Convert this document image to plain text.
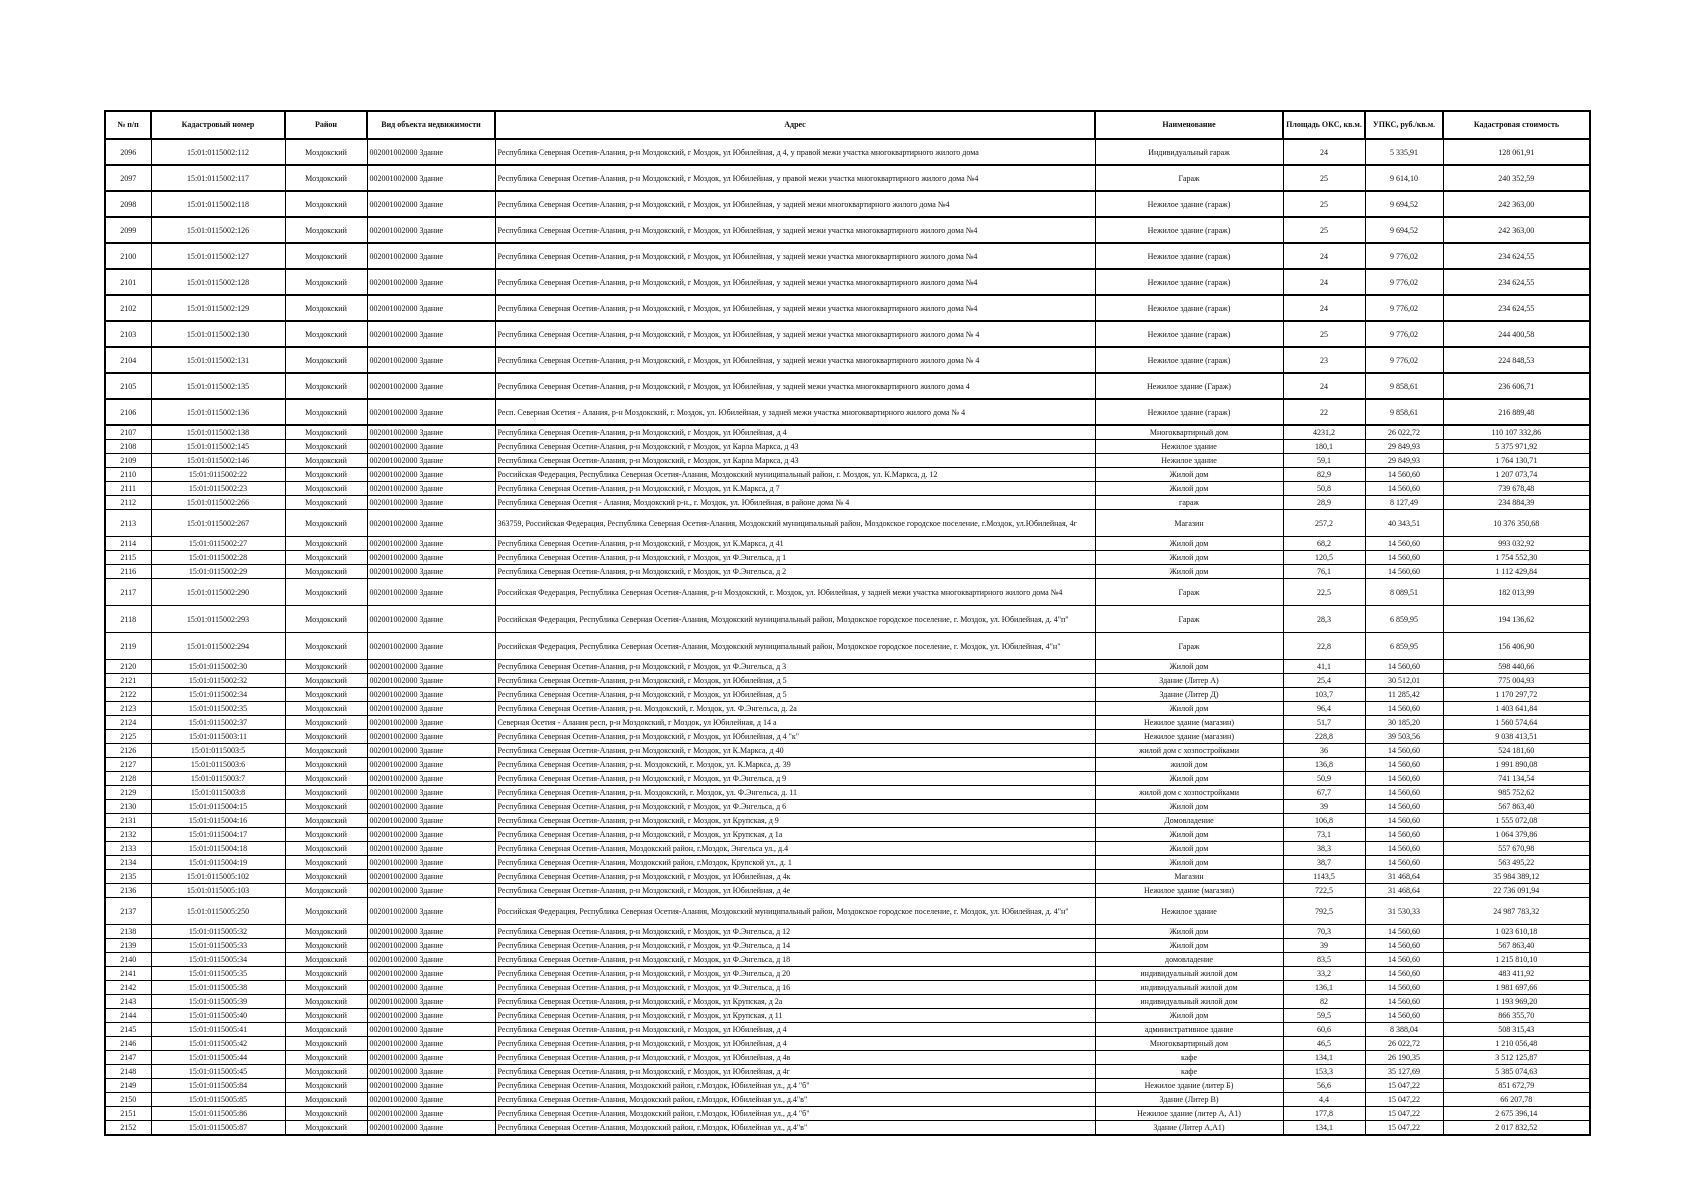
№ п/п	Кадастровый номер	Район	Вид объекта недвижимости	Адрес	Наименование	Площадь ОКС, кв.м.	УПКС, руб./кв.м.	Кадастровая стоимость
2096	15:01:0115002:112	Моздокский	002001002000 Здание	Республика Северная Осетия-Алания, р-н Моздокский, г Моздок, ул Юбилейная, д 4, у правой межи участка многоквартирного жилого дома	Индивидуальный гараж	24	5 335,91	128 061,91
2097	15:01:0115002:117	Моздокский	002001002000 Здание	Республика Северная Осетия-Алания, р-н Моздокский, г Моздок, ул Юбилейная, у правой межи участка многоквартирного жилого дома №4	Гараж	25	9 614,10	240 352,59
2098	15:01:0115002:118	Моздокский	002001002000 Здание	Республика Северная Осетия-Алания, р-н Моздокский, г Моздок, ул Юбилейная, у задней межи многоквартирного жилого дома №4	Нежилое здание (гараж)	25	9 694,52	242 363,00
2099	15:01:0115002:126	Моздокский	002001002000 Здание	Республика Северная Осетия-Алания, р-н Моздокский, г Моздок, ул Юбилейная, у задней межи участка многоквартирного жилого дома №4	Нежилое здание (гараж)	25	9 694,52	242 363,00
2100	15:01:0115002:127	Моздокский	002001002000 Здание	Республика Северная Осетия-Алания, р-н Моздокский, г Моздок, ул Юбилейная, у задней межи участка многоквартирного жилого дома №4	Нежилое здание (гараж)	24	9 776,02	234 624,55
2101	15:01:0115002:128	Моздокский	002001002000 Здание	Республика Северная Осетия-Алания, р-н Моздокский, г Моздок, ул Юбилейная, у задней межи участка многоквартирного жилого дома №4	Нежилое здание (гараж)	24	9 776,02	234 624,55
2102	15:01:0115002:129	Моздокский	002001002000 Здание	Республика Северная Осетия-Алания, р-н Моздокский, г Моздок, ул Юбилейная, у задней межи участка многоквартирного жилого дома №4	Нежилое здание (гараж)	24	9 776,02	234 624,55
2103	15:01:0115002:130	Моздокский	002001002000 Здание	Республика Северная Осетия-Алания, р-н Моздокский, г Моздок, ул Юбилейная, у задней межи участка многоквартирного жилого дома № 4	Нежилое здание (гараж)	25	9 776,02	244 400,58
2104	15:01:0115002:131	Моздокский	002001002000 Здание	Республика Северная Осетия-Алания, р-н Моздокский, г Моздок, ул Юбилейная, у задней межи участка многоквартирного жилого дома № 4	Нежилое здание (гараж)	23	9 776,02	224 848,53
2105	15:01:0115002:135	Моздокский	002001002000 Здание	Республика Северная Осетия-Алания, р-н Моздокский, г Моздок, ул Юбилейная, у задней межи участка многоквартирного жилого дома 4	Нежилое здание (Гараж)	24	9 858,61	236 606,71
2106	15:01:0115002:136	Моздокский	002001002000 Здание	Респ. Северная Осетия - Алания, р-н Моздокский, г. Моздок, ул. Юбилейная, у задней межи участка многоквартирного жилого дома № 4	Нежилое здание (гараж)	22	9 858,61	216 889,48
2107	15:01:0115002:138	Моздокский	002001002000 Здание	Республика Северная Осетия-Алания, р-н Моздокский, г Моздок, ул Юбилейная, д 4	Многоквартирный дом	4231,2	26 022,72	110 107 332,86
2108	15:01:0115002:145	Моздокский	002001002000 Здание	Республика Северная Осетия-Алания, р-н Моздокский, г Моздок, ул Карла Маркса, д 43	Нежилое здание	180,1	29 849,93	5 375 971,92
2109	15:01:0115002:146	Моздокский	002001002000 Здание	Республика Северная Осетия-Алания, р-н Моздокский, г Моздок, ул Карла Маркса, д 43	Нежилое здание	59,1	29 849,93	1 764 130,71
2110	15:01:0115002:22	Моздокский	002001002000 Здание	Российская Федерация, Республика Северная Осетия-Алания, Моздокский муниципальный район, г. Моздок, ул. К.Маркса, д. 12	Жилой дом	82,9	14 560,60	1 207 073,74
2111	15:01:0115002:23	Моздокский	002001002000 Здание	Республика Северная Осетия-Алания, р-н Моздокский, г Моздок, ул К.Маркса, д 7	Жилой дом	50,8	14 560,60	739 678,48
2112	15:01:0115002:266	Моздокский	002001002000 Здание	Республика Северная Осетия - Алания, Моздокский р-н., г. Моздок, ул. Юбилейная, в районе дома № 4	гараж	28,9	8 127,49	234 884,39
2113	15:01:0115002:267	Моздокский	002001002000 Здание	363759, Российская Федерация, Республика Северная Осетия-Алания, Моздокский муниципальный район, Моздокское городское поселение, г.Моздок, ул.Юбилейная, 4г	Магазин	257,2	40 343,51	10 376 350,68
2114	15:01:0115002:27	Моздокский	002001002000 Здание	Республика Северная Осетия-Алания, р-н Моздокский, г Моздок, ул К.Маркса, д 41	Жилой дом	68,2	14 560,60	993 032,92
2115	15:01:0115002:28	Моздокский	002001002000 Здание	Республика Северная Осетия-Алания, р-н Моздокский, г Моздок, ул Ф.Энгельса, д 1	Жилой дом	120,5	14 560,60	1 754 552,30
2116	15:01:0115002:29	Моздокский	002001002000 Здание	Республика Северная Осетия-Алания, р-н Моздокский, г Моздок, ул Ф.Энгельса, д 2	Жилой дом	76,1	14 560,60	1 112 429,84
2117	15:01:0115002:290	Моздокский	002001002000 Здание	Российская Федерация, Республика Северная Осетия-Алания, р-н Моздокский, г. Моздок, ул. Юбилейная, у задней межи участка многоквартирного жилого дома №4	Гараж	22,5	8 089,51	182 013,99
2118	15:01:0115002:293	Моздокский	002001002000 Здание	Российская Федерация, Республика Северная Осетия-Алания, Моздокский муниципальный район, Моздокское городское поселение, г. Моздок, ул. Юбилейная, д. 4"п"	Гараж	28,3	6 859,95	194 136,62
2119	15:01:0115002:294	Моздокский	002001002000 Здание	Российская Федерация, Республика Северная Осетия-Алания, Моздокский муниципальный район, Моздокское городское поселение, г. Моздок, ул. Юбилейная, 4"н"	Гараж	22,8	6 859,95	156 406,90
2120	15:01:0115002:30	Моздокский	002001002000 Здание	Республика Северная Осетия-Алания, р-н Моздокский, г Моздок, ул Ф.Энгельса, д 3	Жилой дом	41,1	14 560,60	598 440,66
2121	15:01:0115002:32	Моздокский	002001002000 Здание	Республика Северная Осетия-Алания, р-н Моздокский, г Моздок, ул Юбилейная, д 5	Здание (Литер А)	25,4	30 512,01	775 004,93
2122	15:01:0115002:34	Моздокский	002001002000 Здание	Республика Северная Осетия-Алания, р-н Моздокский, г Моздок, ул Юбилейная, д 5	Здание (Литер Д)	103,7	11 285,42	1 170 297,72
2123	15:01:0115002:35	Моздокский	002001002000 Здание	Республика Северная Осетия-Алания, р-н. Моздокский, г. Моздок, ул. Ф.Энгельса, д. 2а	Жилой дом	96,4	14 560,60	1 403 641,84
2124	15:01:0115002:37	Моздокский	002001002000 Здание	Северная Осетия - Алания респ, р-н Моздокский, г Моздок, ул Юбилейная, д 14 а	Нежилое здание (магазин)	51,7	30 185,20	1 560 574,64
2125	15:01:0115003:11	Моздокский	002001002000 Здание	Республика Северная Осетия-Алания, р-н Моздокский, г Моздок, ул Юбилейная, д 4 "к"	Нежилое здание (магазин)	228,8	39 503,56	9 038 413,51
2126	15:01:0115003:5	Моздокский	002001002000 Здание	Республика Северная Осетия-Алания, р-н Моздокский, г Моздок, ул К.Маркса, д 40	жилой дом с хозпостройками	36	14 560,60	524 181,60
2127	15:01:0115003:6	Моздокский	002001002000 Здание	Республика Северная Осетия-Алания, р-н. Моздокский, г. Моздок, ул. К.Маркса, д. 39	жилой дом	136,8	14 560,60	1 991 890,08
2128	15:01:0115003:7	Моздокский	002001002000 Здание	Республика Северная Осетия-Алания, р-н Моздокский, г Моздок, ул Ф.Энгельса, д 9	Жилой дом	50,9	14 560,60	741 134,54
2129	15:01:0115003:8	Моздокский	002001002000 Здание	Республика Северная Осетия-Алания, р-н. Моздокский, г. Моздок, ул. Ф.Энгельса, д. 11	жилой дом с хозпостройками	67,7	14 560,60	985 752,62
2130	15:01:0115004:15	Моздокский	002001002000 Здание	Республика Северная Осетия-Алания, р-н Моздокский, г Моздок, ул Ф.Энгельса, д 6	Жилой дом	39	14 560,60	567 863,40
2131	15:01:0115004:16	Моздокский	002001002000 Здание	Республика Северная Осетия-Алания, р-н Моздокский, г Моздок, ул Крупская, д 9	Домовладение	106,8	14 560,60	1 555 072,08
2132	15:01:0115004:17	Моздокский	002001002000 Здание	Республика Северная Осетия-Алания, р-н Моздокский, г Моздок, ул Крупская, д 1а	Жилой дом	73,1	14 560,60	1 064 379,86
2133	15:01:0115004:18	Моздокский	002001002000 Здание	Республика Северная Осетия-Алания, Моздокский район, г.Моздок, Энгельса ул., д.4	Жилой дом	38,3	14 560,60	557 670,98
2134	15:01:0115004:19	Моздокский	002001002000 Здание	Республика Северная Осетия-Алания, Моздокский район, г.Моздок, Крупской ул., д. 1	Жилой дом	38,7	14 560,60	563 495,22
2135	15:01:0115005:102	Моздокский	002001002000 Здание	Республика Северная Осетия-Алания, р-н Моздокский, г Моздок, ул Юбилейная, д 4к	Магазин	1143,5	31 468,64	35 984 389,12
2136	15:01:0115005:103	Моздокский	002001002000 Здание	Республика Северная Осетия-Алания, р-н Моздокский, г Моздок, ул Юбилейная, д 4е	Нежилое здание (магазин)	722,5	31 468,64	22 736 091,94
2137	15:01:0115005:250	Моздокский	002001002000 Здание	Российская Федерация, Республика Северная Осетия-Алания, Моздокский муниципальный район, Моздокское городское поселение, г. Моздок, ул. Юбилейная, д. 4"н"	Нежилое здание	792,5	31 530,33	24 987 783,32
2138	15:01:0115005:32	Моздокский	002001002000 Здание	Республика Северная Осетия-Алания, р-н Моздокский, г Моздок, ул Ф.Энгельса, д 12	Жилой дом	70,3	14 560,60	1 023 610,18
2139	15:01:0115005:33	Моздокский	002001002000 Здание	Республика Северная Осетия-Алания, р-н Моздокский, г Моздок, ул Ф.Энгельса, д 14	Жилой дом	39	14 560,60	567 863,40
2140	15:01:0115005:34	Моздокский	002001002000 Здание	Республика Северная Осетия-Алания, р-н Моздокский, г Моздок, ул Ф.Энгельса, д 18	домовладение	83,5	14 560,60	1 215 810,10
2141	15:01:0115005:35	Моздокский	002001002000 Здание	Республика Северная Осетия-Алания, р-н Моздокский, г Моздок, ул Ф.Энгельса, д 20	индивидуальный жилой дом	33,2	14 560,60	483 411,92
2142	15:01:0115005:38	Моздокский	002001002000 Здание	Республика Северная Осетия-Алания, р-н Моздокский, г Моздок, ул Ф.Энгельса, д 16	индивидуальный жилой дом	136,1	14 560,60	1 981 697,66
2143	15:01:0115005:39	Моздокский	002001002000 Здание	Республика Северная Осетия-Алания, р-н Моздокский, г Моздок, ул Крупская, д 2а	индивидуальный жилой дом	82	14 560,60	1 193 969,20
2144	15:01:0115005:40	Моздокский	002001002000 Здание	Республика Северная Осетия-Алания, р-н Моздокский, г Моздок, ул Крупская, д 11	Жилой дом	59,5	14 560,60	866 355,70
2145	15:01:0115005:41	Моздокский	002001002000 Здание	Республика Северная Осетия-Алания, р-н Моздокский, г Моздок, ул Юбилейная, д 4	административное здание	60,6	8 388,04	508 315,43
2146	15:01:0115005:42	Моздокский	002001002000 Здание	Республика Северная Осетия-Алания, р-н Моздокский, г Моздок, ул Юбилейная, д 4	Многоквартирный дом	46,5	26 022,72	1 210 056,48
2147	15:01:0115005:44	Моздокский	002001002000 Здание	Республика Северная Осетия-Алания, р-н Моздокский, г Моздок, ул Юбилейная, д 4в	кафе	134,1	26 190,35	3 512 125,87
2148	15:01:0115005:45	Моздокский	002001002000 Здание	Республика Северная Осетия-Алания, р-н Моздокский, г Моздок, ул Юбилейная, д 4г	кафе	153,3	35 127,69	5 385 074,63
2149	15:01:0115005:84	Моздокский	002001002000 Здание	Республика Северная Осетия-Алания, Моздокский район, г.Моздок, Юбилейная ул., д.4 "б"	Нежилое здание (литер Б)	56,6	15 047,22	851 672,79
2150	15:01:0115005:85	Моздокский	002001002000 Здание	Республика Северная Осетия-Алания, Моздокский район, г.Моздок, Юбилейная ул., д.4"в"	Здание (Литер В)	4,4	15 047,22	66 207,78
2151	15:01:0115005:86	Моздокский	002001002000 Здание	Республика Северная Осетия-Алания, Моздокский район, г.Моздок, Юбилейная ул., д.4 "б"	Нежилое здание (литер А, А1)	177,8	15 047,22	2 675 396,14
2152	15:01:0115005:87	Моздокский	002001002000 Здание	Республика Северная Осетия-Алания, Моздокский район, г.Моздок, Юбилейная ул., д.4"в"	Здание (Литер А,А1)	134,1	15 047,22	2 017 832,52
